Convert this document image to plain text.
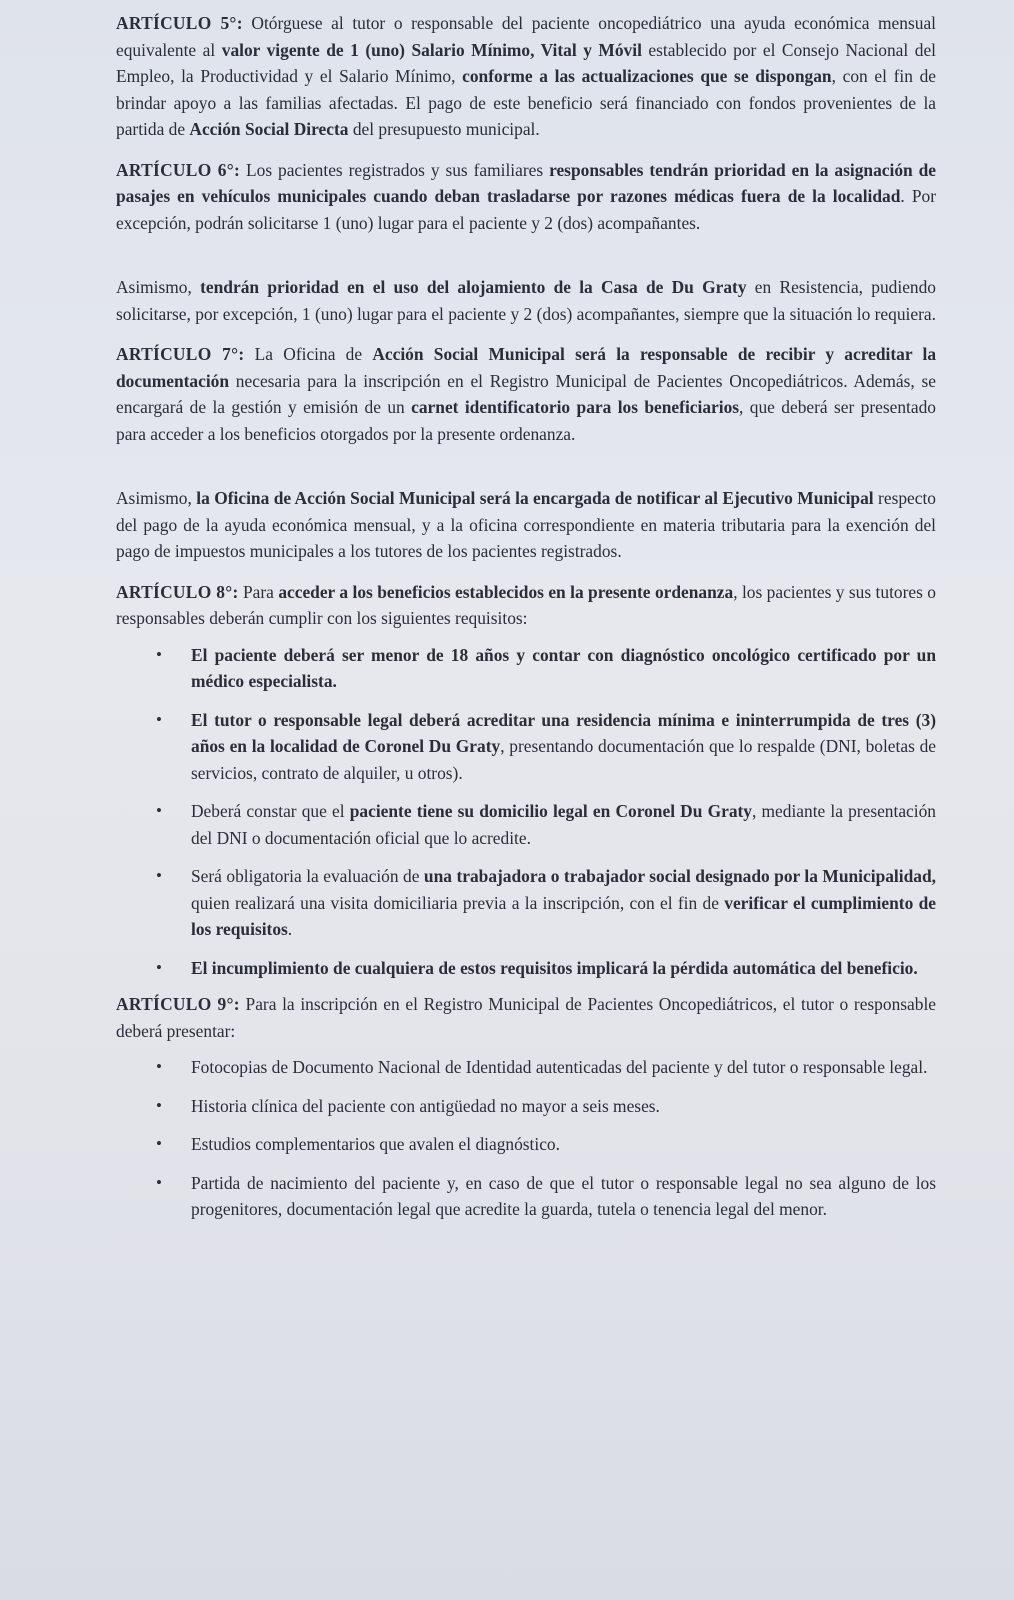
ARTÍCULO 5°: Otórguese al tutor o responsable del paciente oncopediátrico una ayuda económica mensual equivalente al valor vigente de 1 (uno) Salario Mínimo, Vital y Móvil establecido por el Consejo Nacional del Empleo, la Productividad y el Salario Mínimo, conforme a las actualizaciones que se dispongan, con el fin de brindar apoyo a las familias afectadas. El pago de este beneficio será financiado con fondos provenientes de la partida de Acción Social Directa del presupuesto municipal.

ARTÍCULO 6°: Los pacientes registrados y sus familiares responsables tendrán prioridad en la asignación de pasajes en vehículos municipales cuando deban trasladarse por razones médicas fuera de la localidad. Por excepción, podrán solicitarse 1 (uno) lugar para el paciente y 2 (dos) acompañantes.

Asimismo, tendrán prioridad en el uso del alojamiento de la Casa de Du Graty en Resistencia, pudiendo solicitarse, por excepción, 1 (uno) lugar para el paciente y 2 (dos) acompañantes, siempre que la situación lo requiera.

ARTÍCULO 7°: La Oficina de Acción Social Municipal será la responsable de recibir y acreditar la documentación necesaria para la inscripción en el Registro Municipal de Pacientes Oncopediátricos. Además, se encargará de la gestión y emisión de un carnet identificatorio para los beneficiarios, que deberá ser presentado para acceder a los beneficios otorgados por la presente ordenanza.

Asimismo, la Oficina de Acción Social Municipal será la encargada de notificar al Ejecutivo Municipal respecto del pago de la ayuda económica mensual, y a la oficina correspondiente en materia tributaria para la exención del pago de impuestos municipales a los tutores de los pacientes registrados.

ARTÍCULO 8°: Para acceder a los beneficios establecidos en la presente ordenanza, los pacientes y sus tutores o responsables deberán cumplir con los siguientes requisitos:

• El paciente deberá ser menor de 18 años y contar con diagnóstico oncológico certificado por un médico especialista.
• El tutor o responsable legal deberá acreditar una residencia mínima e ininterrumpida de tres (3) años en la localidad de Coronel Du Graty, presentando documentación que lo respalde (DNI, boletas de servicios, contrato de alquiler, u otros).
• Deberá constar que el paciente tiene su domicilio legal en Coronel Du Graty, mediante la presentación del DNI o documentación oficial que lo acredite.
• Será obligatoria la evaluación de una trabajadora o trabajador social designado por la Municipalidad, quien realizará una visita domiciliaria previa a la inscripción, con el fin de verificar el cumplimiento de los requisitos.
• El incumplimiento de cualquiera de estos requisitos implicará la pérdida automática del beneficio.

ARTÍCULO 9°: Para la inscripción en el Registro Municipal de Pacientes Oncopediátricos, el tutor o responsable deberá presentar:

• Fotocopias de Documento Nacional de Identidad autenticadas del paciente y del tutor o responsable legal.
• Historia clínica del paciente con antigüedad no mayor a seis meses.
• Estudios complementarios que avalen el diagnóstico.
• Partida de nacimiento del paciente y, en caso de que el tutor o responsable legal no sea alguno de los progenitores, documentación legal que acredite la guarda, tutela o tenencia legal del menor.
